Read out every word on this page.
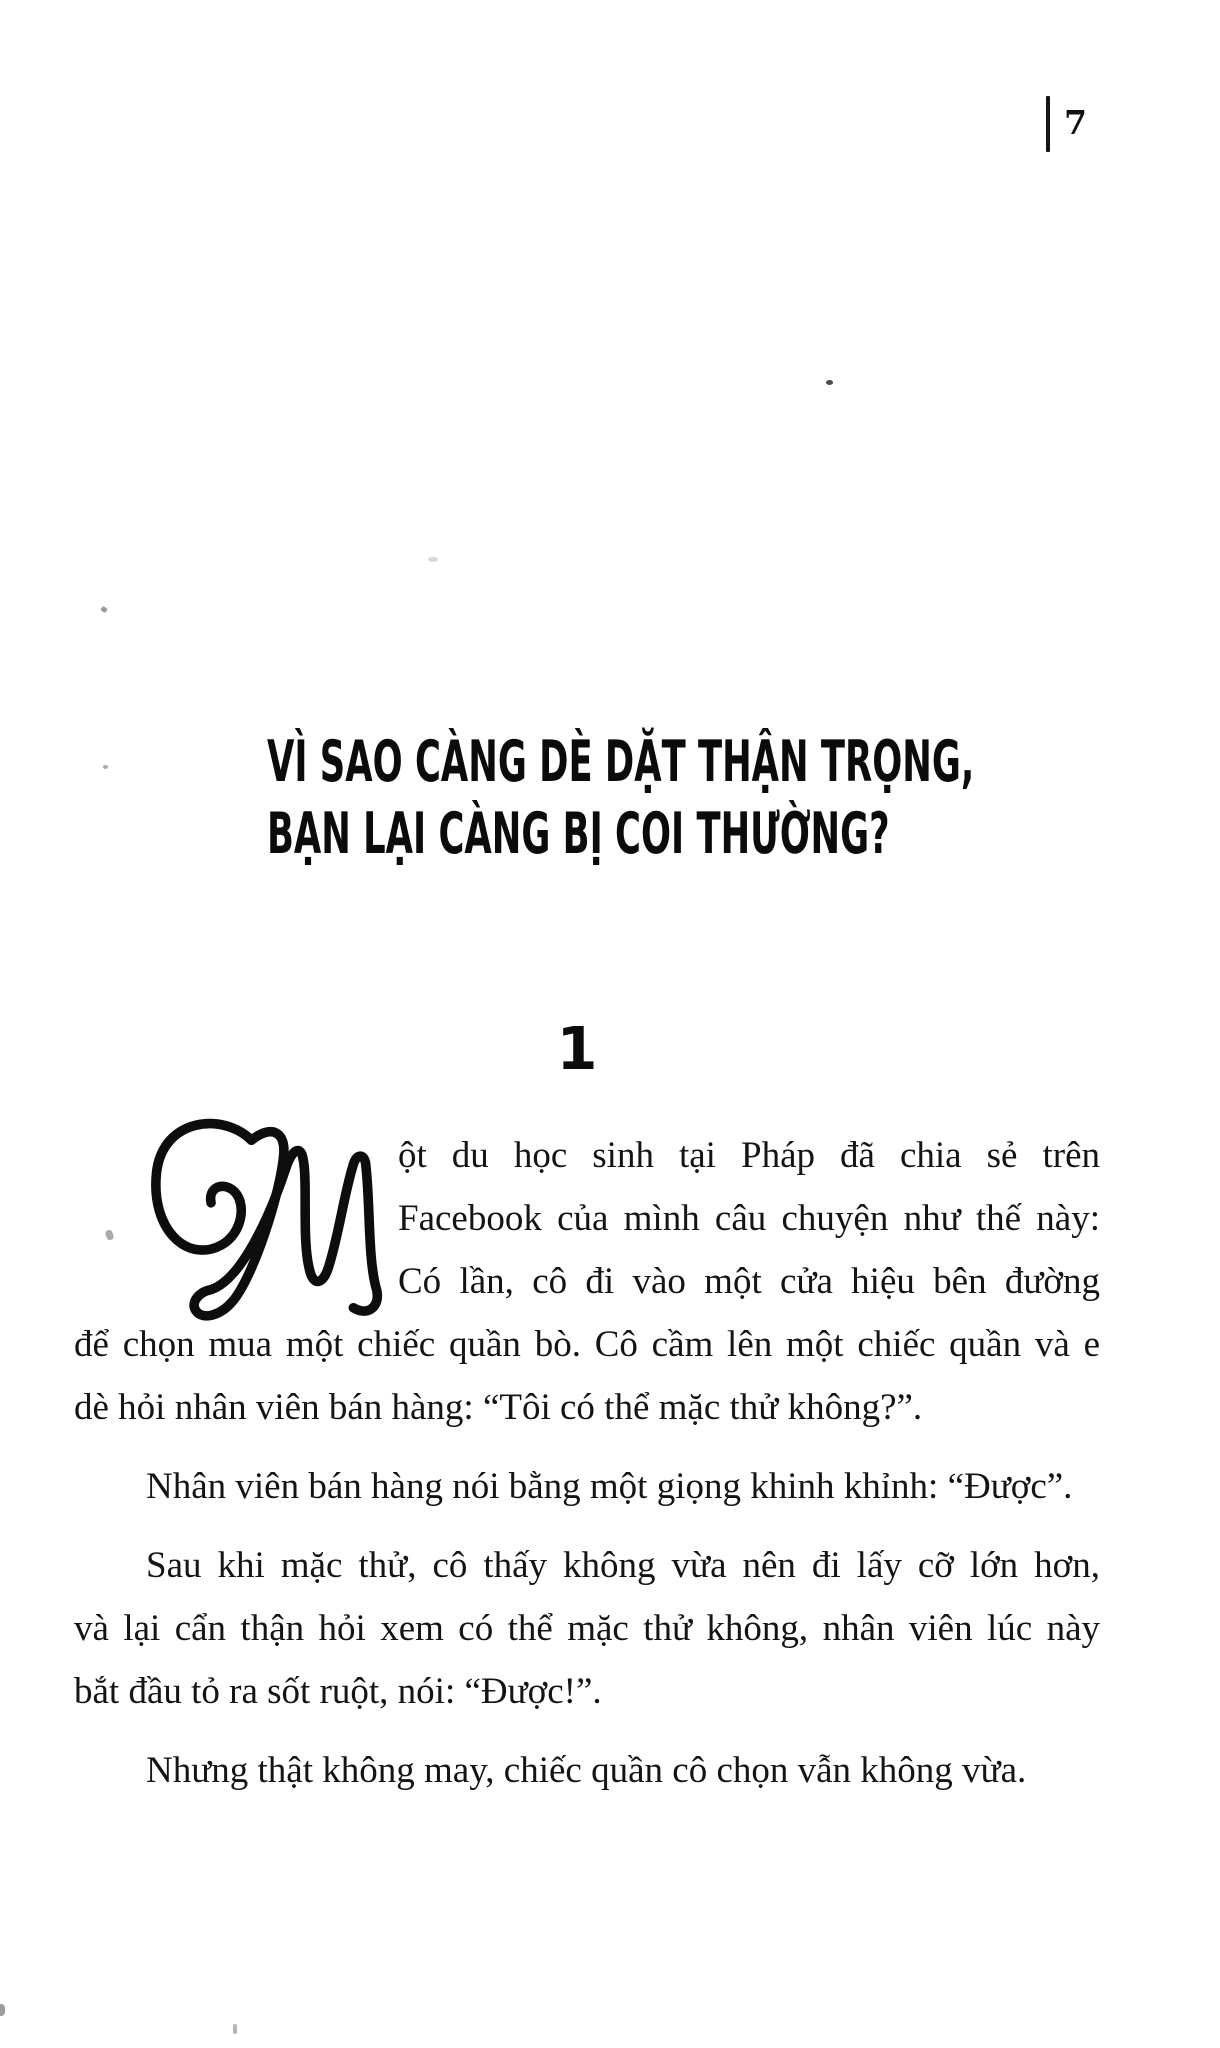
7
VÌ SAO CÀNG DÈ DẶT THẬN TRỌNG,
BẠN LẠI CÀNG BỊ COI THƯỜNG?
1
ột du học sinh tại Pháp đã chia sẻ trên
Facebook của mình câu chuyện như thế này:
Có lần, cô đi vào một cửa hiệu bên đường
để chọn mua một chiếc quần bò. Cô cầm lên một chiếc quần và e
dè hỏi nhân viên bán hàng: “Tôi có thể mặc thử không?”.
Nhân viên bán hàng nói bằng một giọng khinh khỉnh: “Được”.
Sau khi mặc thử, cô thấy không vừa nên đi lấy cỡ lớn hơn,
và lại cẩn thận hỏi xem có thể mặc thử không, nhân viên lúc này
bắt đầu tỏ ra sốt ruột, nói: “Được!”.
Nhưng thật không may, chiếc quần cô chọn vẫn không vừa.
